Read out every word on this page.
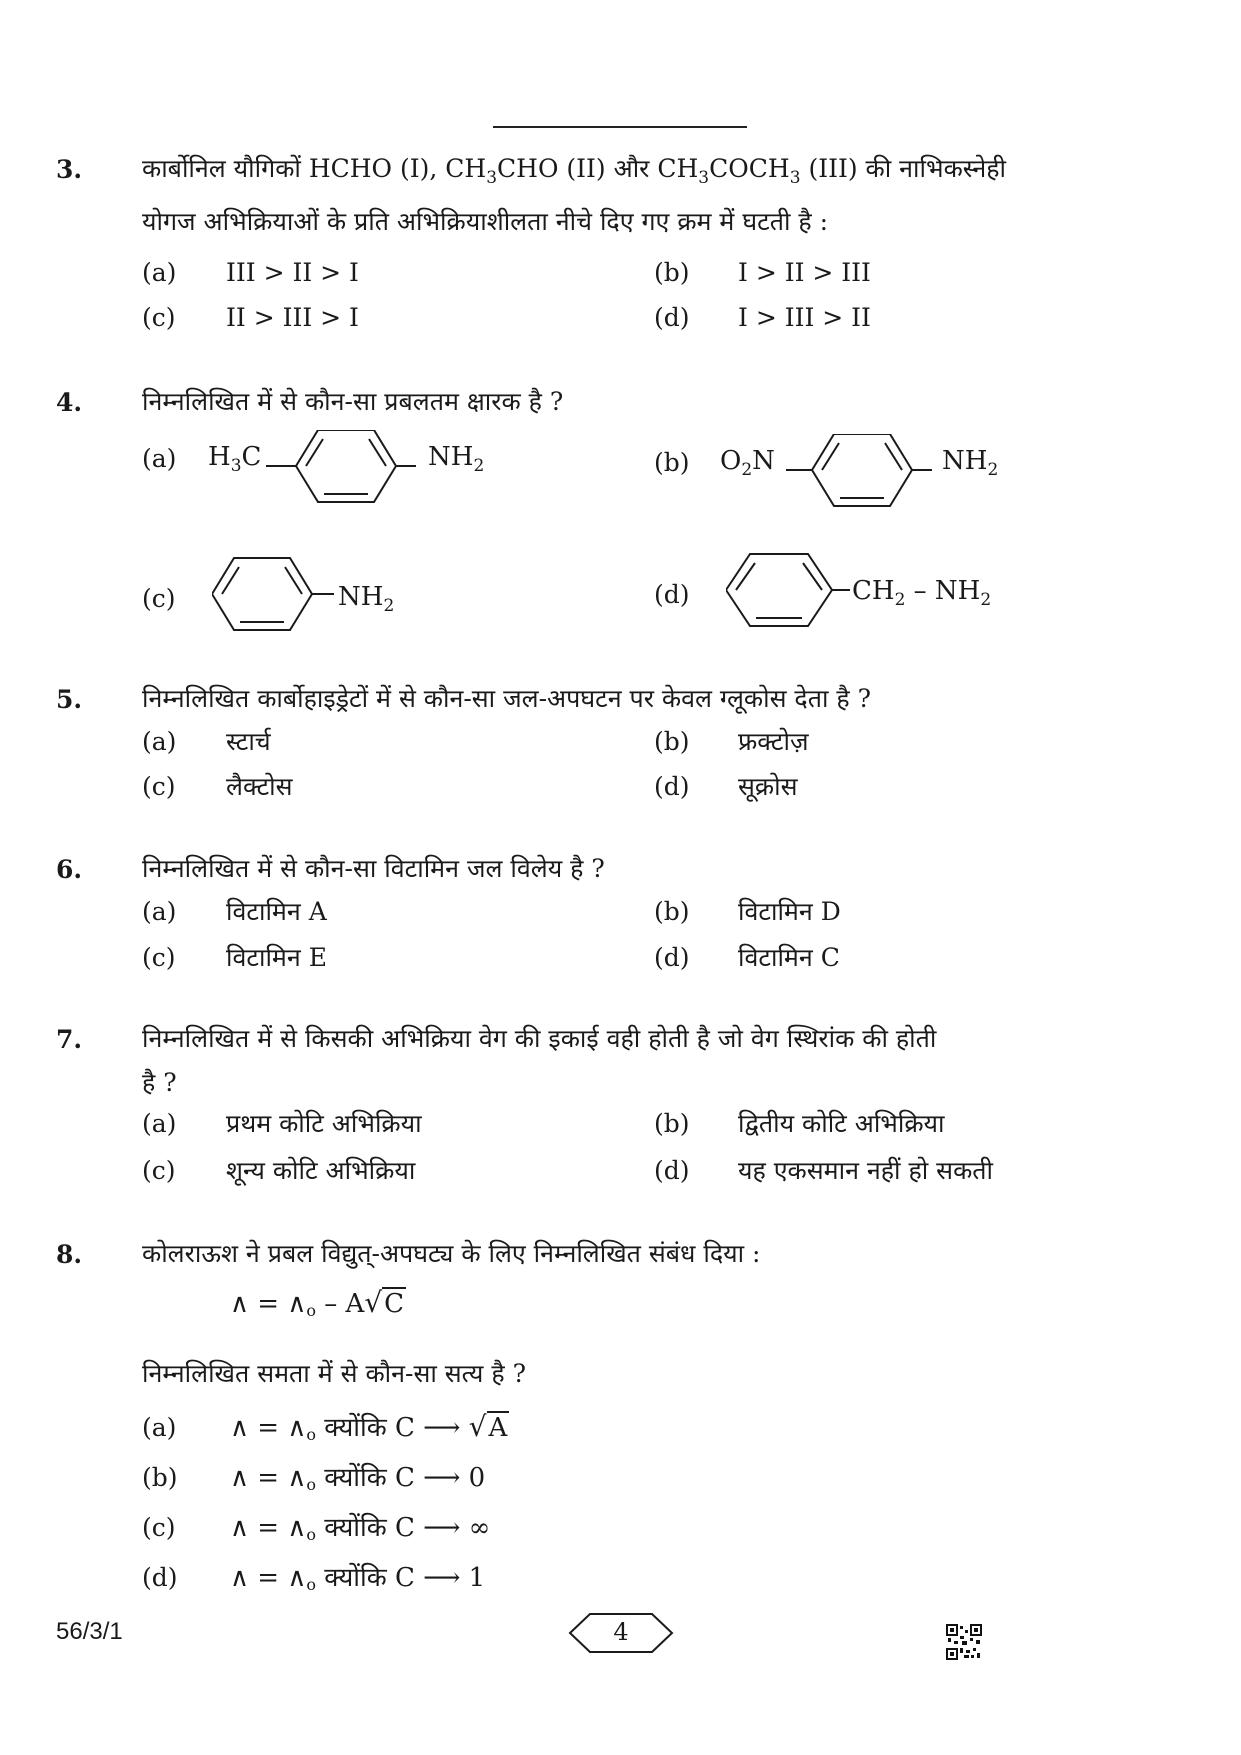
3. कार्बोनिल यौगिकों HCHO (I), $CH_3CHO$ (II) और $CH_3COCH_3$ (III) की नाभिकस्नेही
योगज अभिक्रियाओं के प्रति अभिक्रियाशीलता नीचे दिए गए क्रम में घटती है :
(a) III > II > I	(b) I > II > III
(c) II > III > I	(d) I > III > II
4. निम्नलिखित में से कौन-सा प्रबलतम क्षारक है ?
(a) $H_3C$	$NH_2$	(b) $O_2N$	$NH_2$
(c)	$NH_2$	(d)	$CH_2 - NH_2$
5. निम्नलिखित कार्बोहाइड्रेटों में से कौन-सा जल-अपघटन पर केवल ग्लूकोस देता है ?
(a) स्टार्च	(b) फ्रक्टोज़
(c) लैक्टोस	(d) सूक्रोस
6. निम्नलिखित में से कौन-सा विटामिन जल विलेय है ?
(a) विटामिन A	(b) विटामिन D
(c) विटामिन E	(d) विटामिन C
7. निम्नलिखित में से किसकी अभिक्रिया वेग की इकाई वही होती है जो वेग स्थिरांक की होती
है ?
(a) प्रथम कोटि अभिक्रिया	(b) द्वितीय कोटि अभिक्रिया
(c) शून्य कोटि अभिक्रिया	(d) यह एकसमान नहीं हो सकती
8. कोलराऊश ने प्रबल विद्युत्-अपघट्य के लिए निम्नलिखित संबंध दिया :
∧ = ∧o – A√C
निम्नलिखित समता में से कौन-सा सत्य है ?
(a) ∧ = ∧o क्योंकि C ⟶ √A
(b) ∧ = ∧o क्योंकि C ⟶ 0
(c) ∧ = ∧o क्योंकि C ⟶ ∞
(d) ∧ = ∧o क्योंकि C ⟶ 1
56/3/1	4
